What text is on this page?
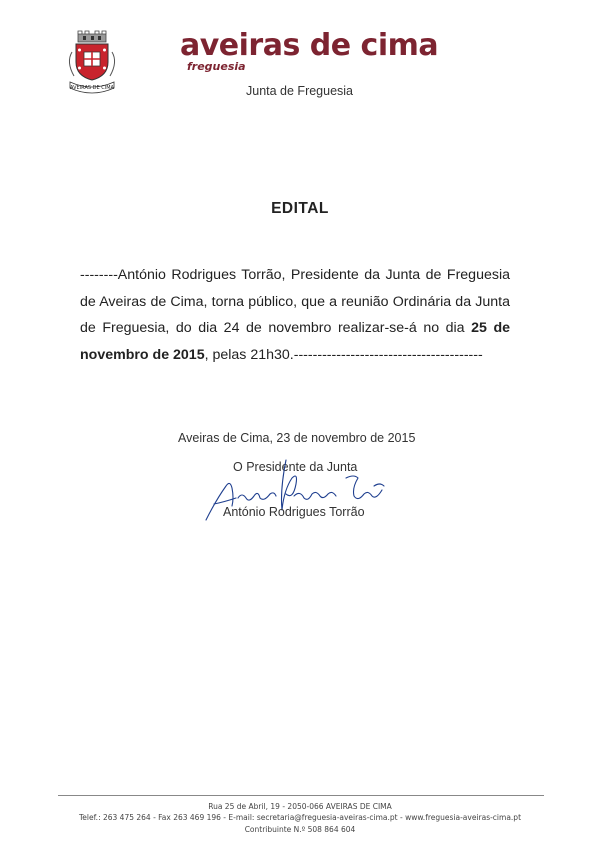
AVEIRAS DE CIMA
aveiras de cima
freguesia
Junta de Freguesia
EDITAL
--------António Rodrigues Torrão, Presidente da Junta de Freguesia de Aveiras de Cima, torna público, que a reunião Ordinária da Junta de Freguesia, do dia 24 de novembro realizar-se-á no dia 25 de novembro de 2015, pelas 21h30.----------------------------------------
Aveiras de Cima, 23 de novembro de 2015
O Presidente da Junta
António Rodrigues Torrão
Rua 25 de Abril, 19 - 2050-066 AVEIRAS DE CIMA
Telef.: 263 475 264 - Fax 263 469 196 - E-mail: secretaria@freguesia-aveiras-cima.pt - www.freguesia-aveiras-cima.pt
Contribuinte N.º 508 864 604
